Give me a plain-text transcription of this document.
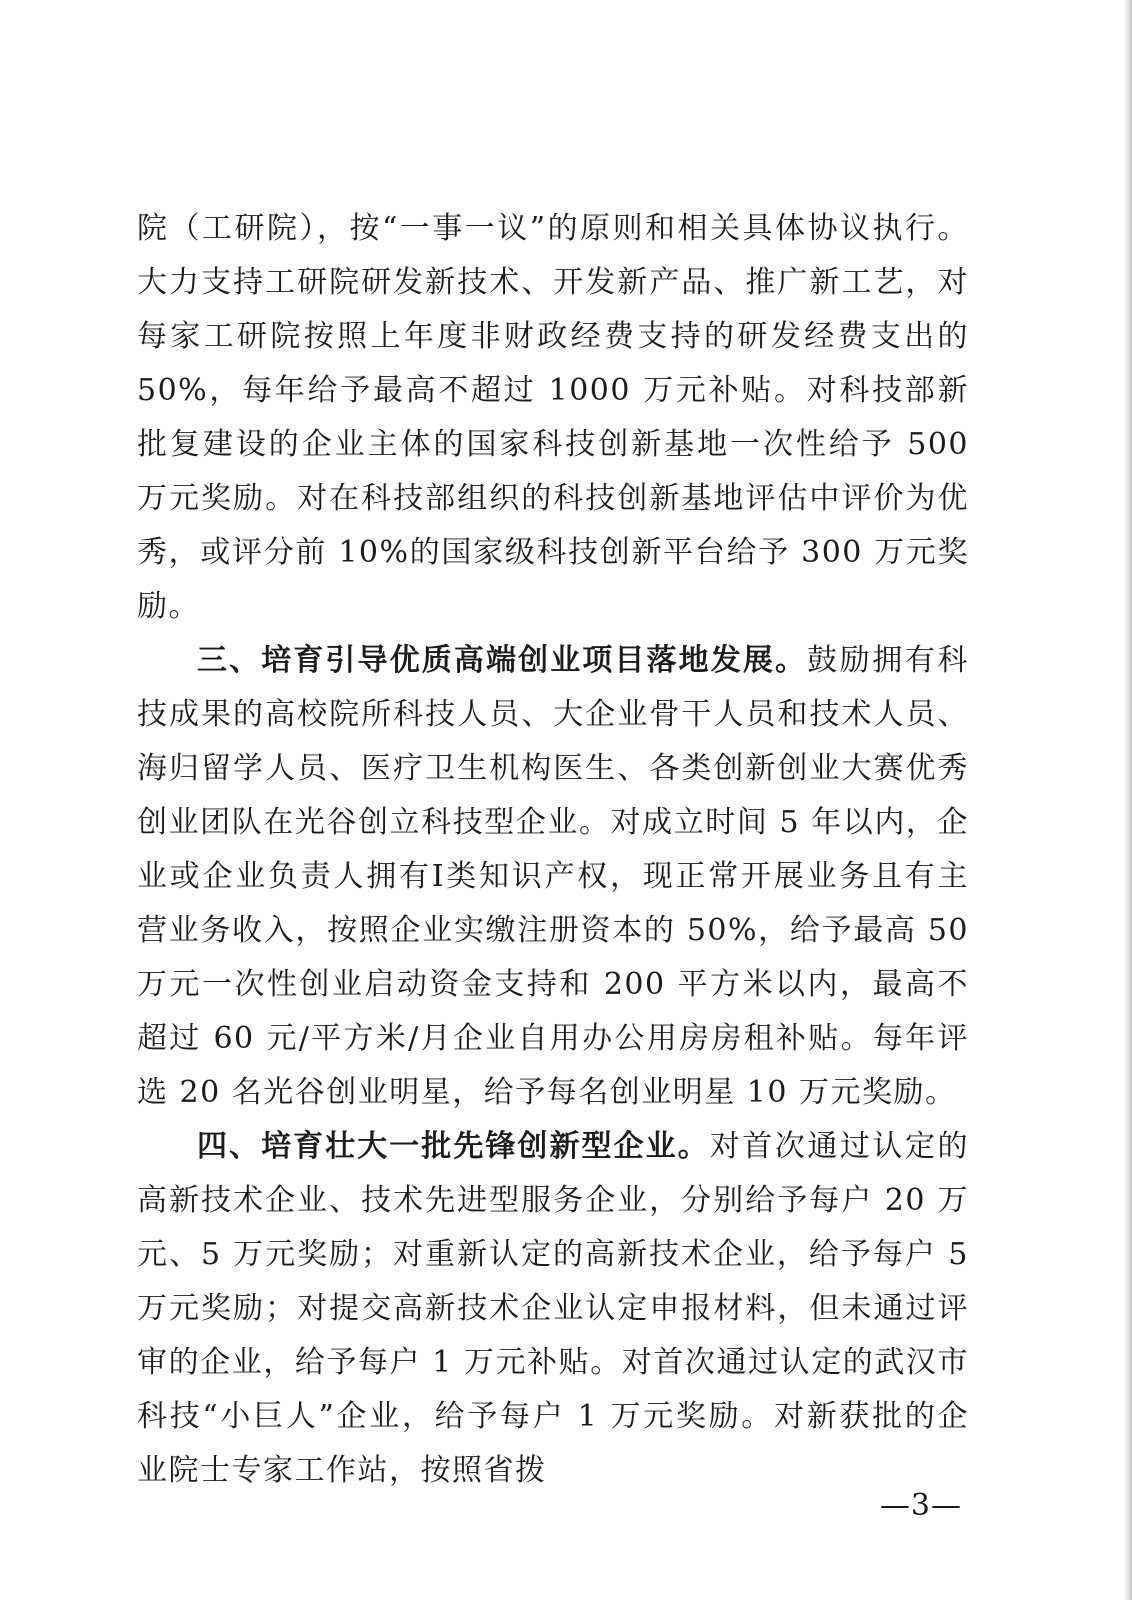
院（工研院），按“一事一议”的原则和相关具体协议执行。大力支持工研院研发新技术、开发新产品、推广新工艺，对每家工研院按照上年度非财政经费支持的研发经费支出的 50%，每年给予最高不超过 1000 万元补贴。对科技部新批复建设的企业主体的国家科技创新基地一次性给予 500 万元奖励。对在科技部组织的科技创新基地评估中评价为优秀，或评分前 10%的国家级科技创新平台给予 300 万元奖励。

三、培育引导优质高端创业项目落地发展。鼓励拥有科技成果的高校院所科技人员、大企业骨干人员和技术人员、海归留学人员、医疗卫生机构医生、各类创新创业大赛优秀创业团队在光谷创立科技型企业。对成立时间 5 年以内，企业或企业负责人拥有Ⅰ类知识产权，现正常开展业务且有主营业务收入，按照企业实缴注册资本的 50%，给予最高 50 万元一次性创业启动资金支持和 200 平方米以内，最高不超过 60 元/平方米/月企业自用办公用房房租补贴。每年评选 20 名光谷创业明星，给予每名创业明星 10 万元奖励。

四、培育壮大一批先锋创新型企业。对首次通过认定的高新技术企业、技术先进型服务企业，分别给予每户 20 万元、5 万元奖励；对重新认定的高新技术企业，给予每户 5 万元奖励；对提交高新技术企业认定申报材料，但未通过评审的企业，给予每户 1 万元补贴。对首次通过认定的武汉市科技“小巨人”企业，给予每户 1 万元奖励。对新获批的企业院士专家工作站，按照省拨

—3—
